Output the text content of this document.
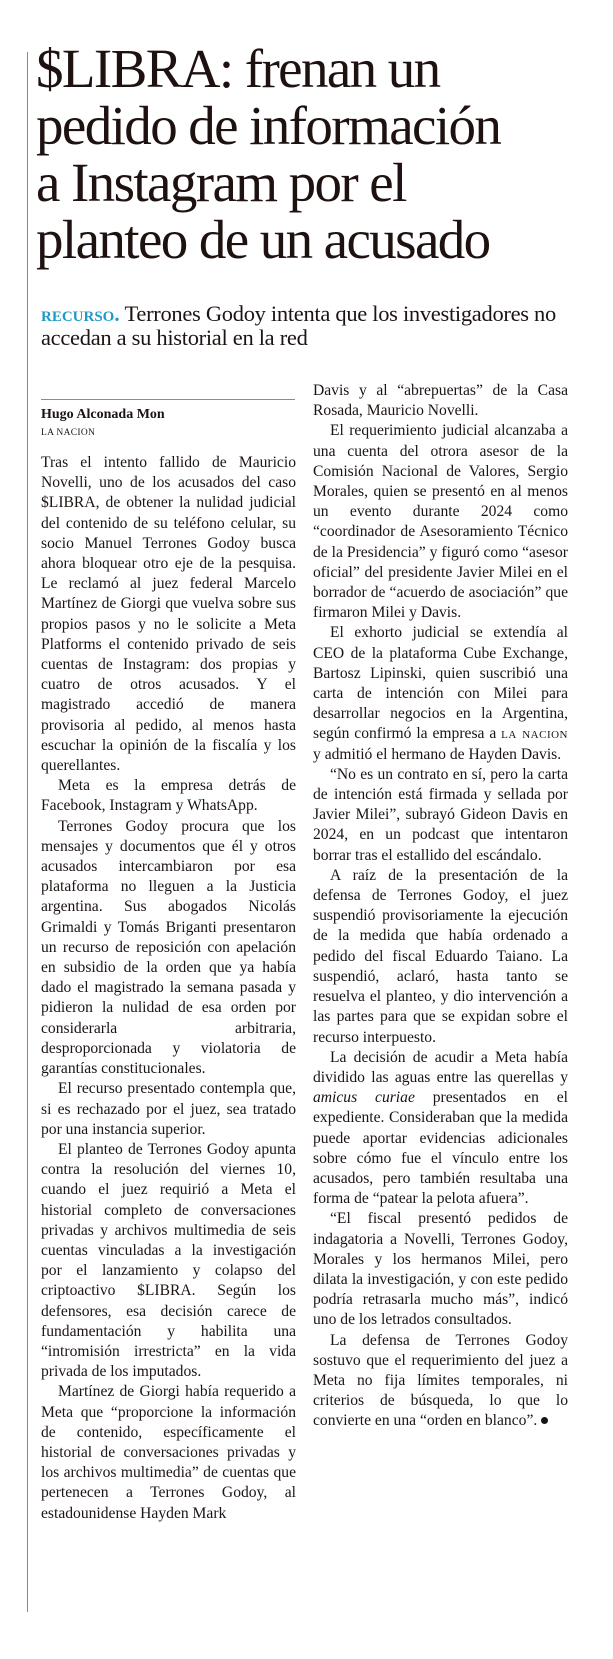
$LIBRA: frenan un
pedido de información
a Instagram por el
planteo de un acusado
recurso. Terrones Godoy intenta que los investigadores no accedan a su historial en la red
Hugo Alconada Mon
LA NACION

Tras el intento fallido de Mauricio Novelli, uno de los acusados del caso $LIBRA, de obtener la nulidad judicial del contenido de su teléfono celular, su socio Manuel Terrones Godoy busca ahora bloquear otro eje de la pesquisa. Le reclamó al juez federal Marcelo Martínez de Giorgi que vuelva sobre sus propios pasos y no le solicite a Meta Platforms el contenido privado de seis cuentas de Instagram: dos propias y cuatro de otros acusados. Y el magistrado accedió de manera provisoria al pedido, al menos hasta escuchar la opinión de la fiscalía y los querellantes.

Meta es la empresa detrás de Facebook, Instagram y WhatsApp.

Terrones Godoy procura que los mensajes y documentos que él y otros acusados intercambiaron por esa plataforma no lleguen a la Justicia argentina. Sus abogados Nicolás Grimaldi y Tomás Briganti presentaron un recurso de reposición con apelación en subsidio de la orden que ya había dado el magistrado la semana pasada y pidieron la nulidad de esa orden por considerarla arbitraria, desproporcionada y violatoria de garantías constitucionales.

El recurso presentado contempla que, si es rechazado por el juez, sea tratado por una instancia superior.

El planteo de Terrones Godoy apunta contra la resolución del viernes 10, cuando el juez requirió a Meta el historial completo de conversaciones privadas y archivos multimedia de seis cuentas vinculadas a la investigación por el lanzamiento y colapso del criptoactivo $LIBRA. Según los defensores, esa decisión carece de fundamentación y habilita una “intromisión irrestricta” en la vida privada de los imputados.

Martínez de Giorgi había requerido a Meta que “proporcione la información de contenido, específicamente el historial de conversaciones privadas y los archivos multimedia” de cuentas que pertenecen a Terrones Godoy, al estadounidense Hayden Mark

Davis y al “abrepuertas” de la Casa Rosada, Mauricio Novelli.

El requerimiento judicial alcanzaba a una cuenta del otrora asesor de la Comisión Nacional de Valores, Sergio Morales, quien se presentó en al menos un evento durante 2024 como “coordinador de Asesoramiento Técnico de la Presidencia” y figuró como “asesor oficial” del presidente Javier Milei en el borrador de “acuerdo de asociación” que firmaron Milei y Davis.

El exhorto judicial se extendía al CEO de la plataforma Cube Exchange, Bartosz Lipinski, quien suscribió una carta de intención con Milei para desarrollar negocios en la Argentina, según confirmó la empresa a la nacion y admitió el hermano de Hayden Davis.

“No es un contrato en sí, pero la carta de intención está firmada y sellada por Javier Milei”, subrayó Gideon Davis en 2024, en un podcast que intentaron borrar tras el estallido del escándalo.

A raíz de la presentación de la defensa de Terrones Godoy, el juez suspendió provisoriamente la ejecución de la medida que había ordenado a pedido del fiscal Eduardo Taiano. La suspendió, aclaró, hasta tanto se resuelva el planteo, y dio intervención a las partes para que se expidan sobre el recurso interpuesto.

La decisión de acudir a Meta había dividido las aguas entre las querellas y amicus curiae presentados en el expediente. Consideraban que la medida puede aportar evidencias adicionales sobre cómo fue el vínculo entre los acusados, pero también resultaba una forma de “patear la pelota afuera”.

“El fiscal presentó pedidos de indagatoria a Novelli, Terrones Godoy, Morales y los hermanos Milei, pero dilata la investigación, y con este pedido podría retrasarla mucho más”, indicó uno de los letrados consultados.

La defensa de Terrones Godoy sostuvo que el requerimiento del juez a Meta no fija límites temporales, ni criterios de búsqueda, lo que lo convierte en una “orden en blanco”.
